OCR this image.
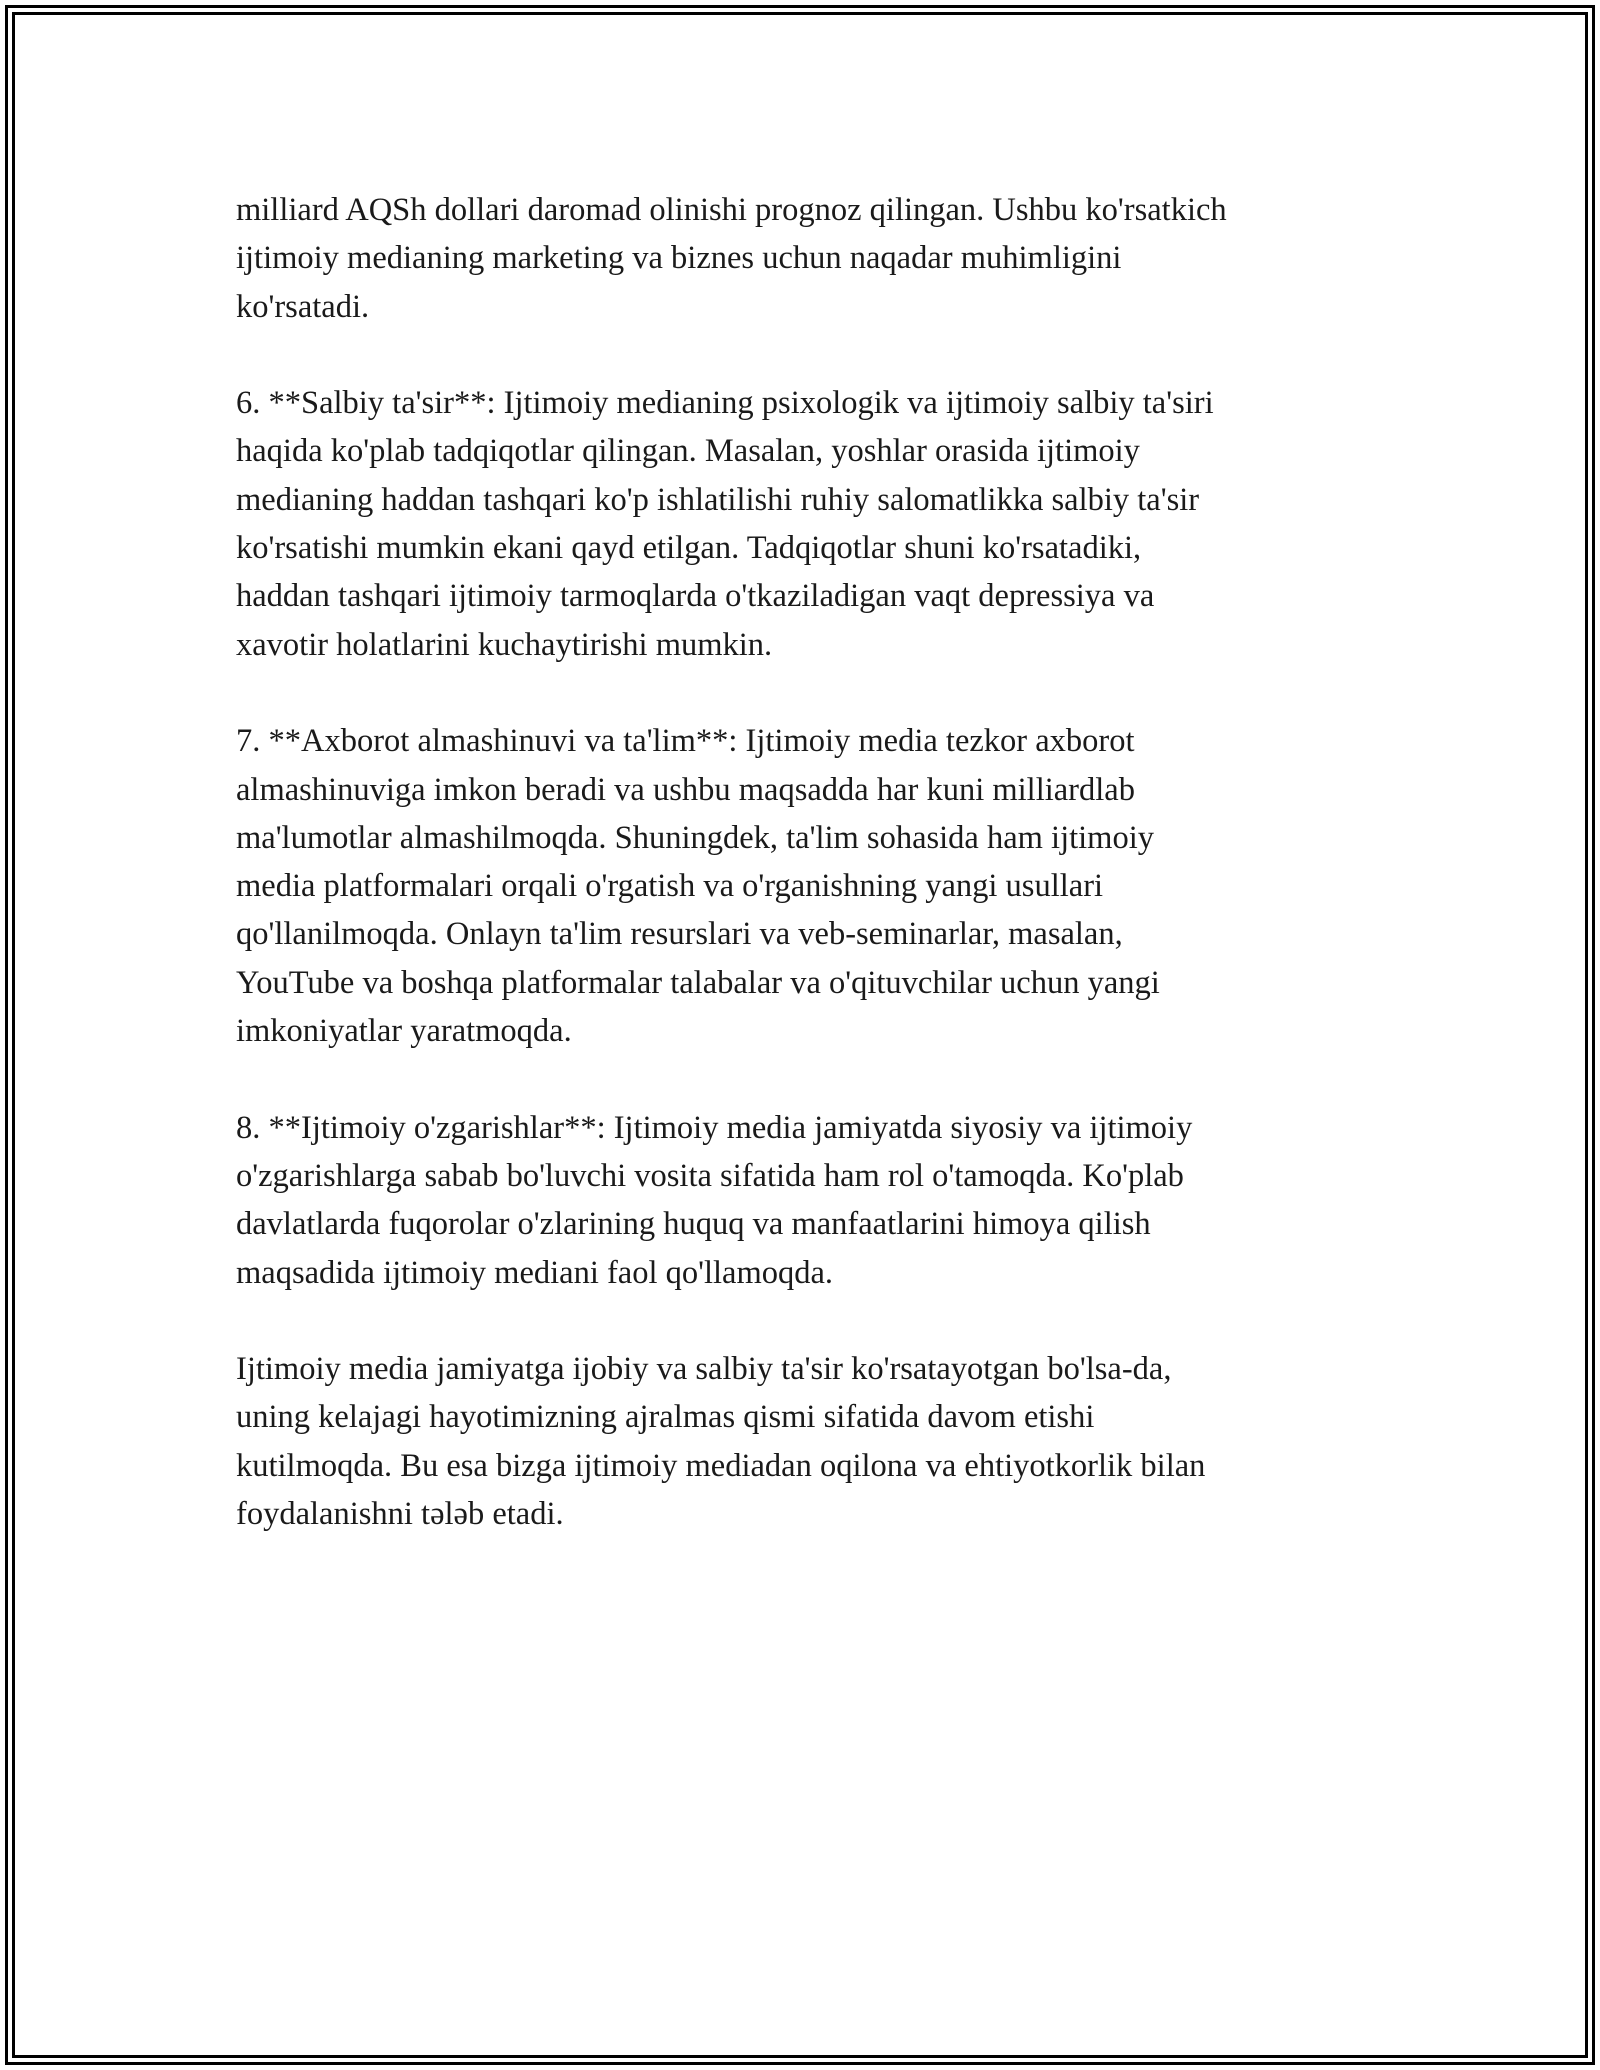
milliard AQSh dollari daromad olinishi prognoz qilingan. Ushbu ko'rsatkich
ijtimoiy medianing marketing va biznes uchun naqadar muhimligini
ko'rsatadi.

6. **Salbiy ta'sir**: Ijtimoiy medianing psixologik va ijtimoiy salbiy ta'siri
haqida ko'plab tadqiqotlar qilingan. Masalan, yoshlar orasida ijtimoiy
medianing haddan tashqari ko'p ishlatilishi ruhiy salomatlikka salbiy ta'sir
ko'rsatishi mumkin ekani qayd etilgan. Tadqiqotlar shuni ko'rsatadiki,
haddan tashqari ijtimoiy tarmoqlarda o'tkaziladigan vaqt depressiya va
xavotir holatlarini kuchaytirishi mumkin.

7. **Axborot almashinuvi va ta'lim**: Ijtimoiy media tezkor axborot
almashinuviga imkon beradi va ushbu maqsadda har kuni milliardlab
ma'lumotlar almashilmoqda. Shuningdek, ta'lim sohasida ham ijtimoiy
media platformalari orqali o'rgatish va o'rganishning yangi usullari
qo'llanilmoqda. Onlayn ta'lim resurslari va veb-seminarlar, masalan,
YouTube va boshqa platformalar talabalar va o'qituvchilar uchun yangi
imkoniyatlar yaratmoqda.

8. **Ijtimoiy o'zgarishlar**: Ijtimoiy media jamiyatda siyosiy va ijtimoiy
o'zgarishlarga sabab bo'luvchi vosita sifatida ham rol o'tamoqda. Ko'plab
davlatlarda fuqorolar o'zlarining huquq va manfaatlarini himoya qilish
maqsadida ijtimoiy mediani faol qo'llamoqda.

Ijtimoiy media jamiyatga ijobiy va salbiy ta'sir ko'rsatayotgan bo'lsa-da,
uning kelajagi hayotimizning ajralmas qismi sifatida davom etishi
kutilmoqda. Bu esa bizga ijtimoiy mediadan oqilona va ehtiyotkorlik bilan
foydalanishni tələb etadi.
